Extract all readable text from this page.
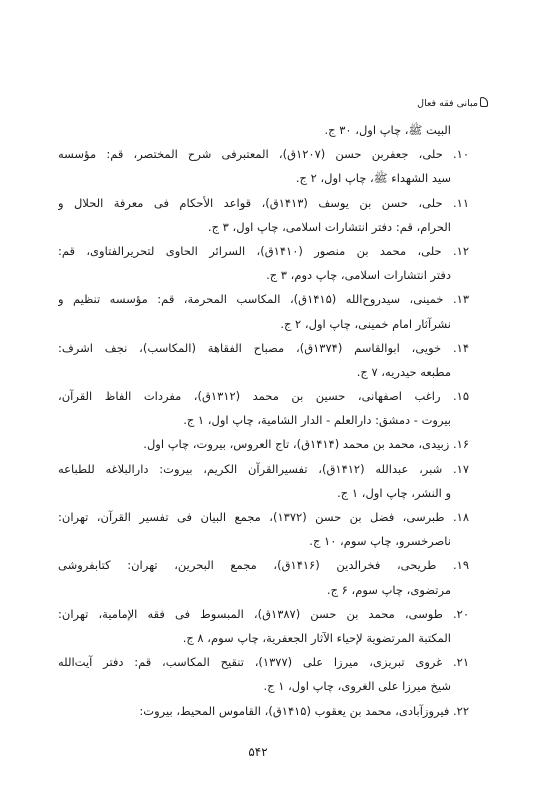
مبانی فقه فعال
البیت ﷺ، چاپ اول، ۳۰ ج.
۱۰. حلی، جعفربن حسن (۱۲۰۷ق)، المعتبرفی شرح المختصر، قم: مؤسسه
سید الشهداء ﷺ، چاپ اول، ۲ ج.
۱۱. حلی، حسن بن یوسف (۱۴۱۳ق)، قواعد الأحکام فی معرفة الحلال و
الحرام، قم: دفتر انتشارات اسلامی، چاپ اول، ۳ ج.
۱۲. حلی، محمد بن منصور (۱۴۱۰ق)، السرائر الحاوی لتحریرالفتاوی، قم:
دفتر انتشارات اسلامی، چاپ دوم، ۳ ج.
۱۳. خمینی، سیدروح‌الله (۱۴۱۵ق)، المکاسب المحرمة، قم: مؤسسه تنظیم و
نشرآثار امام خمینی، چاپ اول، ۲ ج.
۱۴. خویی، ابوالقاسم (۱۳۷۴ق)، مصباح الفقاهة (المکاسب)، نجف اشرف:
مطبعه حیدریه، ۷ ج.
۱۵. راغب اصفهانی، حسین بن محمد (۱۳۱۲ق)، مفردات الفاظ القرآن،
بیروت - دمشق: دارالعلم - الدار الشامیة، چاپ اول، ۱ ج.
۱۶. زبیدی، محمد بن محمد (۱۴۱۴ق)، تاج العروس، بیروت، چاپ اول.
۱۷. شبر، عبدالله (۱۴۱۲ق)، تفسیرالقرآن الکریم، بیروت: دارالبلاغه للطباعه
و النشر، چاپ اول، ۱ ج.
۱۸. طبرسی، فضل بن حسن (۱۳۷۲)، مجمع البیان فی تفسیر القرآن، تهران:
ناصرخسرو، چاپ سوم، ۱۰ ج.
۱۹. طریحی، فخرالدین (۱۴۱۶ق)، مجمع البحرین، تهران: کتابفروشی
مرتضوی، چاپ سوم، ۶ ج.
۲۰. طوسی، محمد بن حسن (۱۳۸۷ق)، المبسوط فی فقه الإمامیة، تهران:
المکتبة المرتضویة لإحیاء الآثار الجعفریة، چاپ سوم، ۸ ج.
۲۱. غروی تبریزی، میرزا علی (۱۳۷۷)، تنقیح المکاسب، قم: دفتر آیت‌الله
شیخ میرزا علی الغروی، چاپ اول، ۱ ج.
۲۲. فیروزآبادی، محمد بن یعقوب (۱۴۱۵ق)، القاموس المحیط، بیروت:
۵۴۲
